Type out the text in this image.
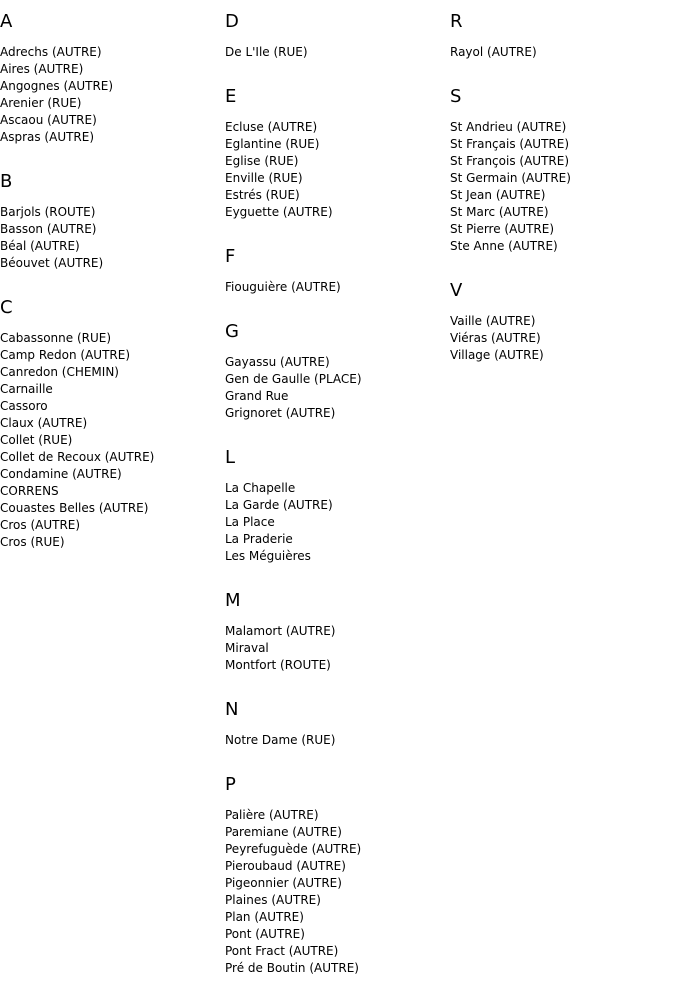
A
Adrechs (AUTRE)
Aires (AUTRE)
Angognes (AUTRE)
Arenier (RUE)
Ascaou (AUTRE)
Aspras (AUTRE)
B
Barjols (ROUTE)
Basson (AUTRE)
Béal (AUTRE)
Béouvet (AUTRE)
C
Cabassonne (RUE)
Camp Redon (AUTRE)
Canredon (CHEMIN)
Carnaille
Cassoro
Claux (AUTRE)
Collet (RUE)
Collet de Recoux (AUTRE)
Condamine (AUTRE)
CORRENS
Couastes Belles (AUTRE)
Cros (AUTRE)
Cros (RUE)
D
De L'Ile (RUE)
E
Ecluse (AUTRE)
Eglantine (RUE)
Eglise (RUE)
Enville (RUE)
Estrés (RUE)
Eyguette (AUTRE)
F
Fiouguière (AUTRE)
G
Gayassu (AUTRE)
Gen de Gaulle (PLACE)
Grand Rue
Grignoret (AUTRE)
L
La Chapelle
La Garde (AUTRE)
La Place
La Praderie
Les Méguières
M
Malamort (AUTRE)
Miraval
Montfort (ROUTE)
N
Notre Dame (RUE)
P
Palière (AUTRE)
Paremiane (AUTRE)
Peyrefuguède (AUTRE)
Pieroubaud (AUTRE)
Pigeonnier (AUTRE)
Plaines (AUTRE)
Plan (AUTRE)
Pont (AUTRE)
Pont Fract (AUTRE)
Pré de Boutin (AUTRE)
R
Rayol (AUTRE)
S
St Andrieu (AUTRE)
St Français (AUTRE)
St François (AUTRE)
St Germain (AUTRE)
St Jean (AUTRE)
St Marc (AUTRE)
St Pierre (AUTRE)
Ste Anne (AUTRE)
V
Vaille (AUTRE)
Viéras (AUTRE)
Village (AUTRE)
